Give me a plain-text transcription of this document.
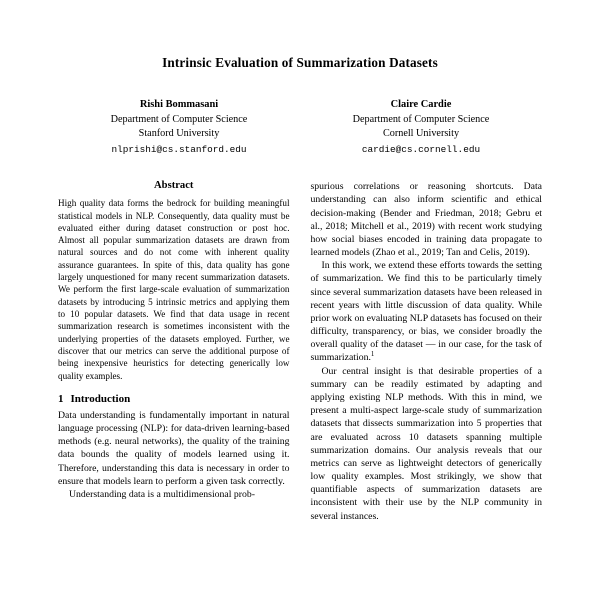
Intrinsic Evaluation of Summarization Datasets
Rishi Bommasani
Department of Computer Science
Stanford University
nlprishi@cs.stanford.edu
Claire Cardie
Department of Computer Science
Cornell University
cardie@cs.cornell.edu
Abstract

High quality data forms the bedrock for building meaningful statistical models in NLP. Consequently, data quality must be evaluated either during dataset construction or post hoc. Almost all popular summarization datasets are drawn from natural sources and do not come with inherent quality assurance guarantees. In spite of this, data quality has gone largely unquestioned for many recent summarization datasets. We perform the first large-scale evaluation of summarization datasets by introducing 5 intrinsic metrics and applying them to 10 popular datasets. We find that data usage in recent summarization research is sometimes inconsistent with the underlying properties of the datasets employed. Further, we discover that our metrics can serve the additional purpose of being inexpensive heuristics for detecting generically low quality examples.

1 Introduction

Data understanding is fundamentally important in natural language processing (NLP): for data-driven learning-based methods (e.g. neural networks), the quality of the training data bounds the quality of models learned using it. Therefore, understanding this data is necessary in order to ensure that models learn to perform a given task correctly.

Understanding data is a multidimensional prob-

spurious correlations or reasoning shortcuts. Data understanding can also inform scientific and ethical decision-making (Bender and Friedman, 2018; Gebru et al., 2018; Mitchell et al., 2019) with recent work studying how social biases encoded in training data propagate to learned models (Zhao et al., 2019; Tan and Celis, 2019).

In this work, we extend these efforts towards the setting of summarization. We find this to be particularly timely since several summarization datasets have been released in recent years with little discussion of data quality. While prior work on evaluating NLP datasets has focused on their difficulty, transparency, or bias, we consider broadly the overall quality of the dataset — in our case, for the task of summarization.$^1$

Our central insight is that desirable properties of a summary can be readily estimated by adapting and applying existing NLP methods. With this in mind, we present a multi-aspect large-scale study of summarization datasets that dissects summarization into 5 properties that are evaluated across 10 datasets spanning multiple summarization domains. Our analysis reveals that our metrics can serve as lightweight detectors of generically low quality examples. Most strikingly, we show that quantifiable aspects of summarization datasets are inconsistent with their use by the NLP community in several instances.
